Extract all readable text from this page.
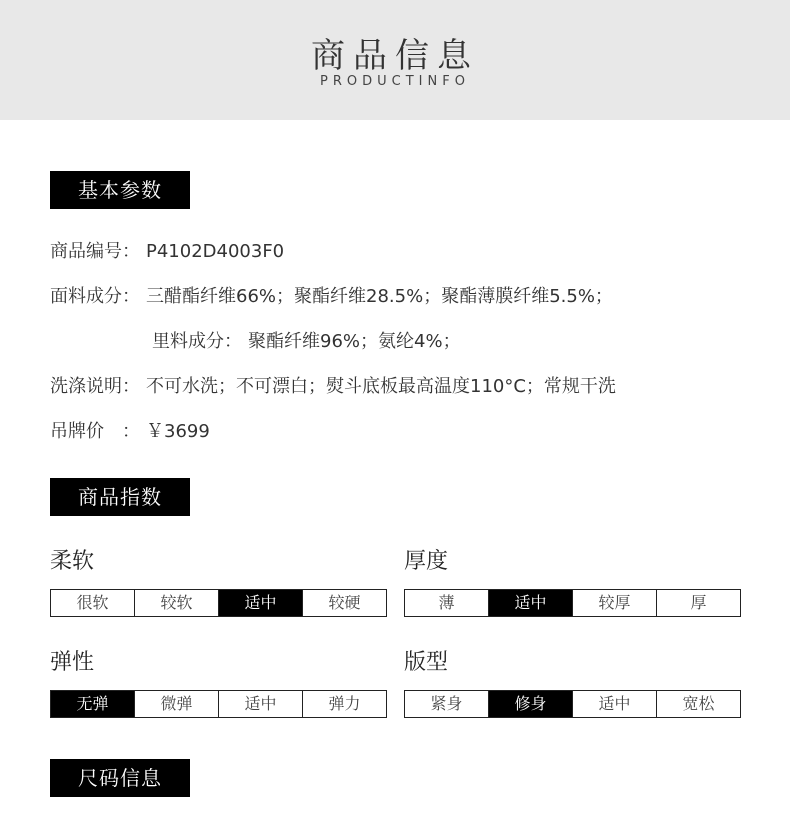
商品信息
PRODUCTINFO
基本参数
商品编号： P4102D4003F0
面料成分： 三醋酯纤维66%；聚酯纤维28.5%；聚酯薄膜纤维5.5%；
里料成分： 聚酯纤维96%；氨纶4%；
洗涤说明： 不可水洗；不可漂白；熨斗底板最高温度110°C；常规干洗
吊牌价　： ￥3699
商品指数
柔软
很软	较软	适中	较硬
厚度
薄	适中	较厚	厚
弹性
无弹	微弹	适中	弹力
版型
紧身	修身	适中	宽松
尺码信息
